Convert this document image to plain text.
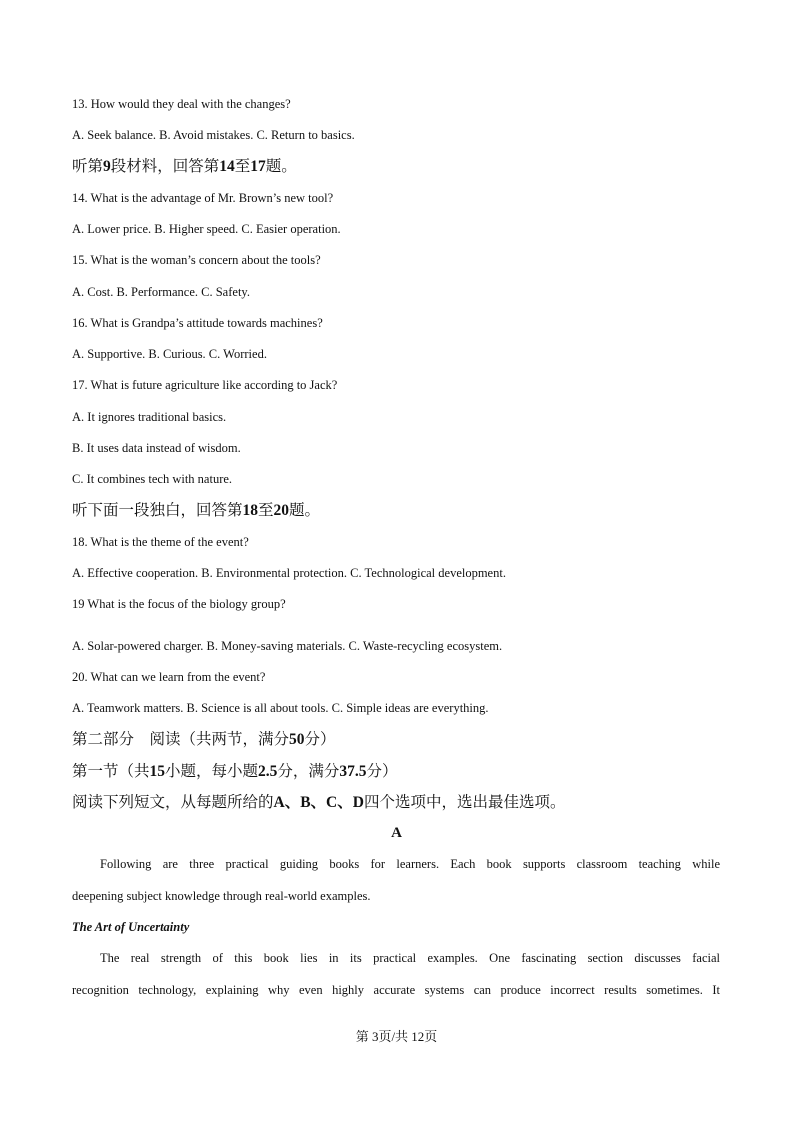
13. How would they deal with the changes?
A. Seek balance. B. Avoid mistakes. C. Return to basics.
听第9段材料，回答第14至17题。
14. What is the advantage of Mr. Brown’s new tool?
A. Lower price. B. Higher speed. C. Easier operation.
15. What is the woman’s concern about the tools?
A. Cost. B. Performance. C. Safety.
16. What is Grandpa’s attitude towards machines?
A. Supportive. B. Curious. C. Worried.
17. What is future agriculture like according to Jack?
A. It ignores traditional basics.
B. It uses data instead of wisdom.
C. It combines tech with nature.
听下面一段独白，回答第18至20题。
18. What is the theme of the event?
A. Effective cooperation. B. Environmental protection. C. Technological development.
19 What is the focus of the biology group?
A. Solar-powered charger. B. Money-saving materials. C. Waste-recycling ecosystem.
20. What can we learn from the event?
A. Teamwork matters. B. Science is all about tools. C. Simple ideas are everything.
第二部分　阅读（共两节，满分50分）
第一节（共15小题，每小题2.5分，满分37.5分）
阅读下列短文，从每题所给的A、B、C、D四个选项中，选出最佳选项。
A
Following are three practical guiding books for learners. Each book supports classroom teaching while
deepening subject knowledge through real-world examples.
The Art of Uncertainty
The real strength of this book lies in its practical examples. One fascinating section discusses facial
recognition technology, explaining why even highly accurate systems can produce incorrect results sometimes. It
第 3页/共 12页
